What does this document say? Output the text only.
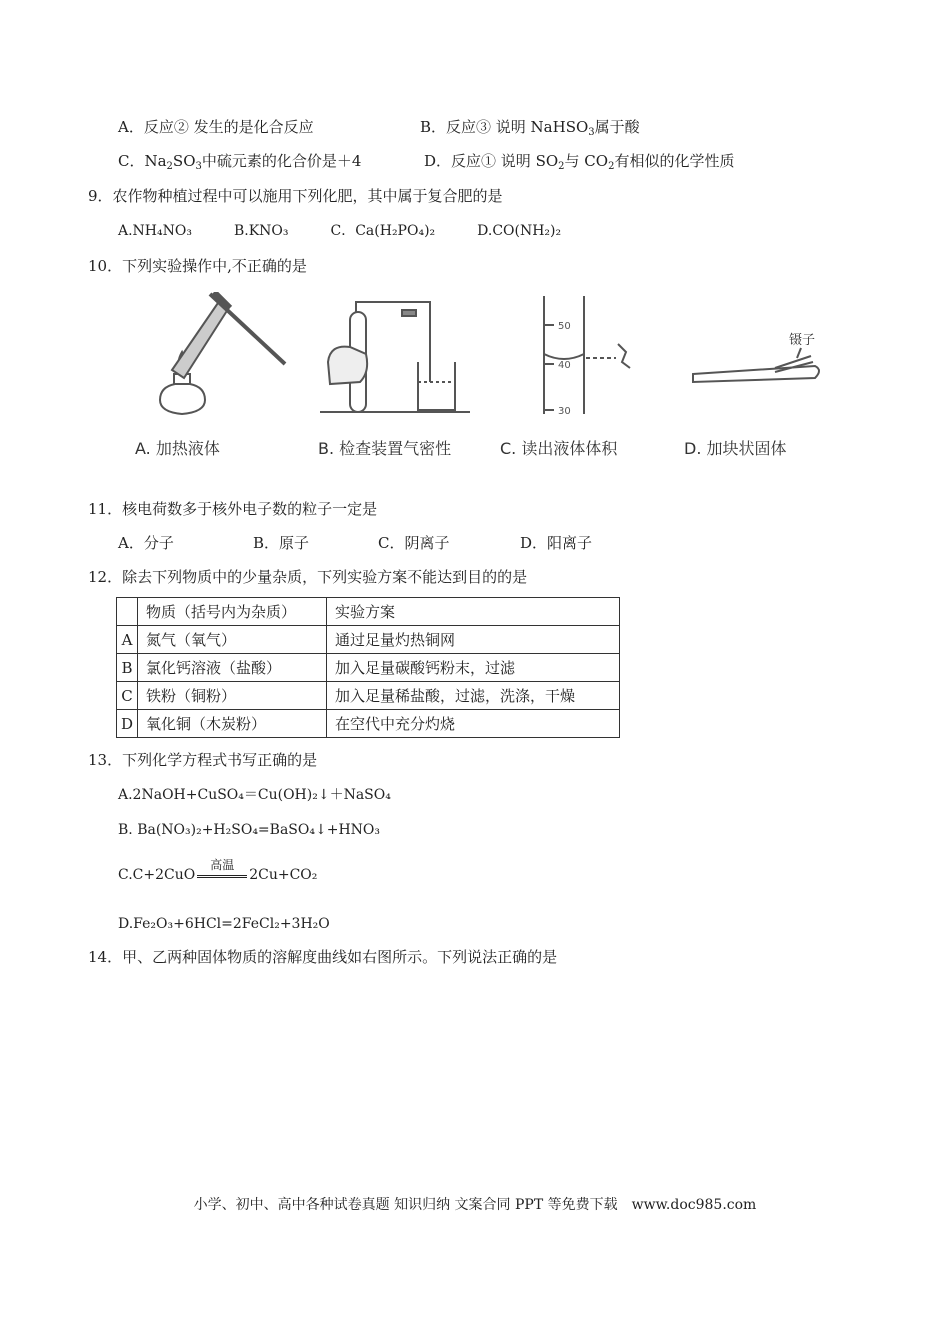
A．反应② 发生的是化合反应	B．反应③ 说明 NaHSO$_3$属于酸
C．$Na_2SO_3$中硫元素的化合价是＋4	D．反应① 说明 $SO_2$与 $CO_2$有相似的化学性质
9．农作物种植过程中可以施用下列化肥，其中属于复合肥的是
A.NH₄NO₃　　　B.KNO₃　　　C．Ca(H₂PO₄)₂　　　D.CO(NH₂)₂
10．下列实验操作中,不正确的是
50
40
30
镊子
A. 加热液体	B. 检查装置气密性	C. 读出液体体积	D. 加块状固体
11．核电荷数多于核外电子数的粒子一定是
A．分子	B．原子	C．阴离子	D．阳离子
12．除去下列物质中的少量杂质，下列实验方案不能达到目的的是
	物质（括号内为杂质）	实验方案
A	氮气（氧气）	通过足量灼热铜网
B	氯化钙溶液（盐酸）	加入足量碳酸钙粉末，过滤
C	铁粉（铜粉）	加入足量稀盐酸，过滤，洗涤，干燥
D	氧化铜（木炭粉）	在空代中充分灼烧
13．下列化学方程式书写正确的是
A.2NaOH+CuSO₄＝Cu(OH)₂↓＋NaSO₄
B. Ba(NO₃)₂+H₂SO₄=BaSO₄↓+HNO₃
C.C+2CuO
高温
2Cu+CO₂
D.Fe₂O₃+6HCl=2FeCl₂+3H₂O
14．甲、乙两种固体物质的溶解度曲线如右图所示。下列说法正确的是
小学、初中、高中各种试卷真题 知识归纳 文案合同 PPT 等免费下载　www.doc985.com
